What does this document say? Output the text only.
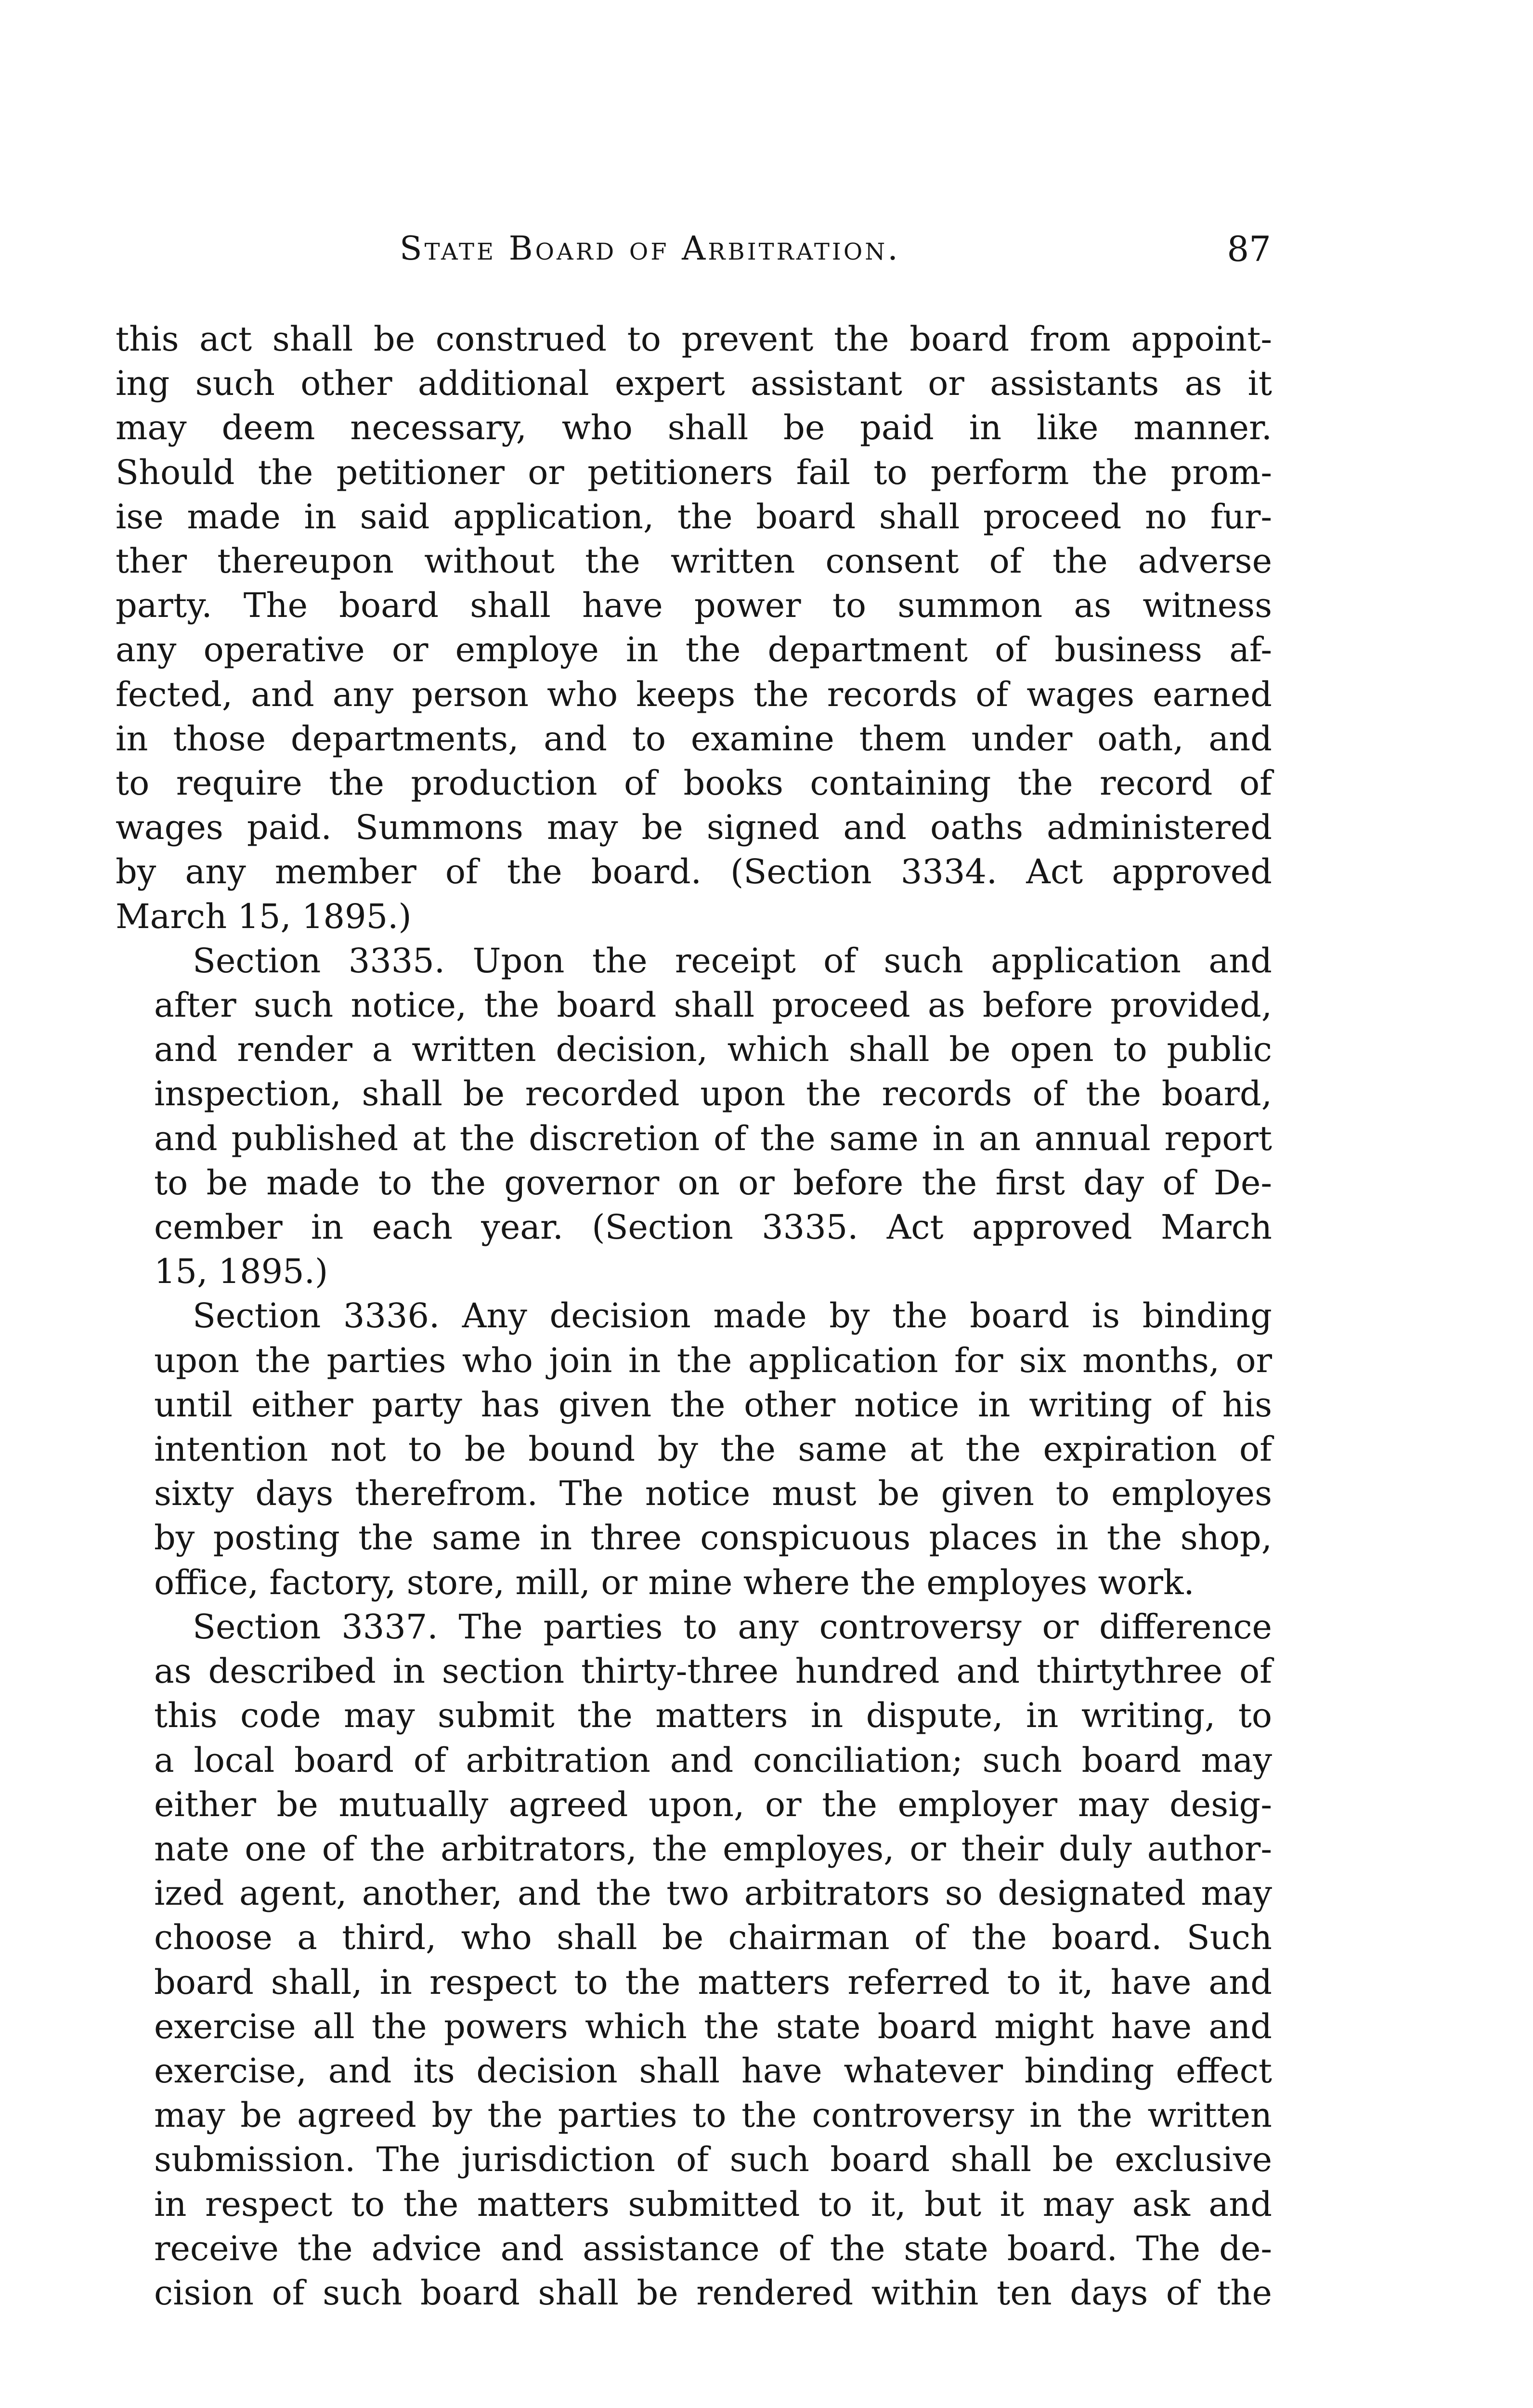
State Board of Arbitration.	87
this act shall be construed to prevent the board from appoint-
ing such other additional expert assistant or assistants as it
may deem necessary, who shall be paid in like manner.
Should the petitioner or petitioners fail to perform the prom-
ise made in said application, the board shall proceed no fur-
ther thereupon without the written consent of the adverse
party. The board shall have power to summon as witness
any operative or employe in the department of business af-
fected, and any person who keeps the records of wages earned
in those departments, and to examine them under oath, and
to require the production of books containing the record of
wages paid. Summons may be signed and oaths administered
by any member of the board. (Section 3334. Act approved
March 15, 1895.)
Section 3335. Upon the receipt of such application and
after such notice, the board shall proceed as before provided,
and render a written decision, which shall be open to public
inspection, shall be recorded upon the records of the board,
and published at the discretion of the same in an annual report
to be made to the governor on or before the first day of De-
cember in each year. (Section 3335. Act approved March
15, 1895.)
Section 3336. Any decision made by the board is binding
upon the parties who join in the application for six months, or
until either party has given the other notice in writing of his
intention not to be bound by the same at the expiration of
sixty days therefrom. The notice must be given to employes
by posting the same in three conspicuous places in the shop,
office, factory, store, mill, or mine where the employes work.
Section 3337. The parties to any controversy or difference
as described in section thirty-three hundred and thirtythree of
this code may submit the matters in dispute, in writing, to
a local board of arbitration and conciliation; such board may
either be mutually agreed upon, or the employer may desig-
nate one of the arbitrators, the employes, or their duly author-
ized agent, another, and the two arbitrators so designated may
choose a third, who shall be chairman of the board. Such
board shall, in respect to the matters referred to it, have and
exercise all the powers which the state board might have and
exercise, and its decision shall have whatever binding effect
may be agreed by the parties to the controversy in the written
submission. The jurisdiction of such board shall be exclusive
in respect to the matters submitted to it, but it may ask and
receive the advice and assistance of the state board. The de-
cision of such board shall be rendered within ten days of the
